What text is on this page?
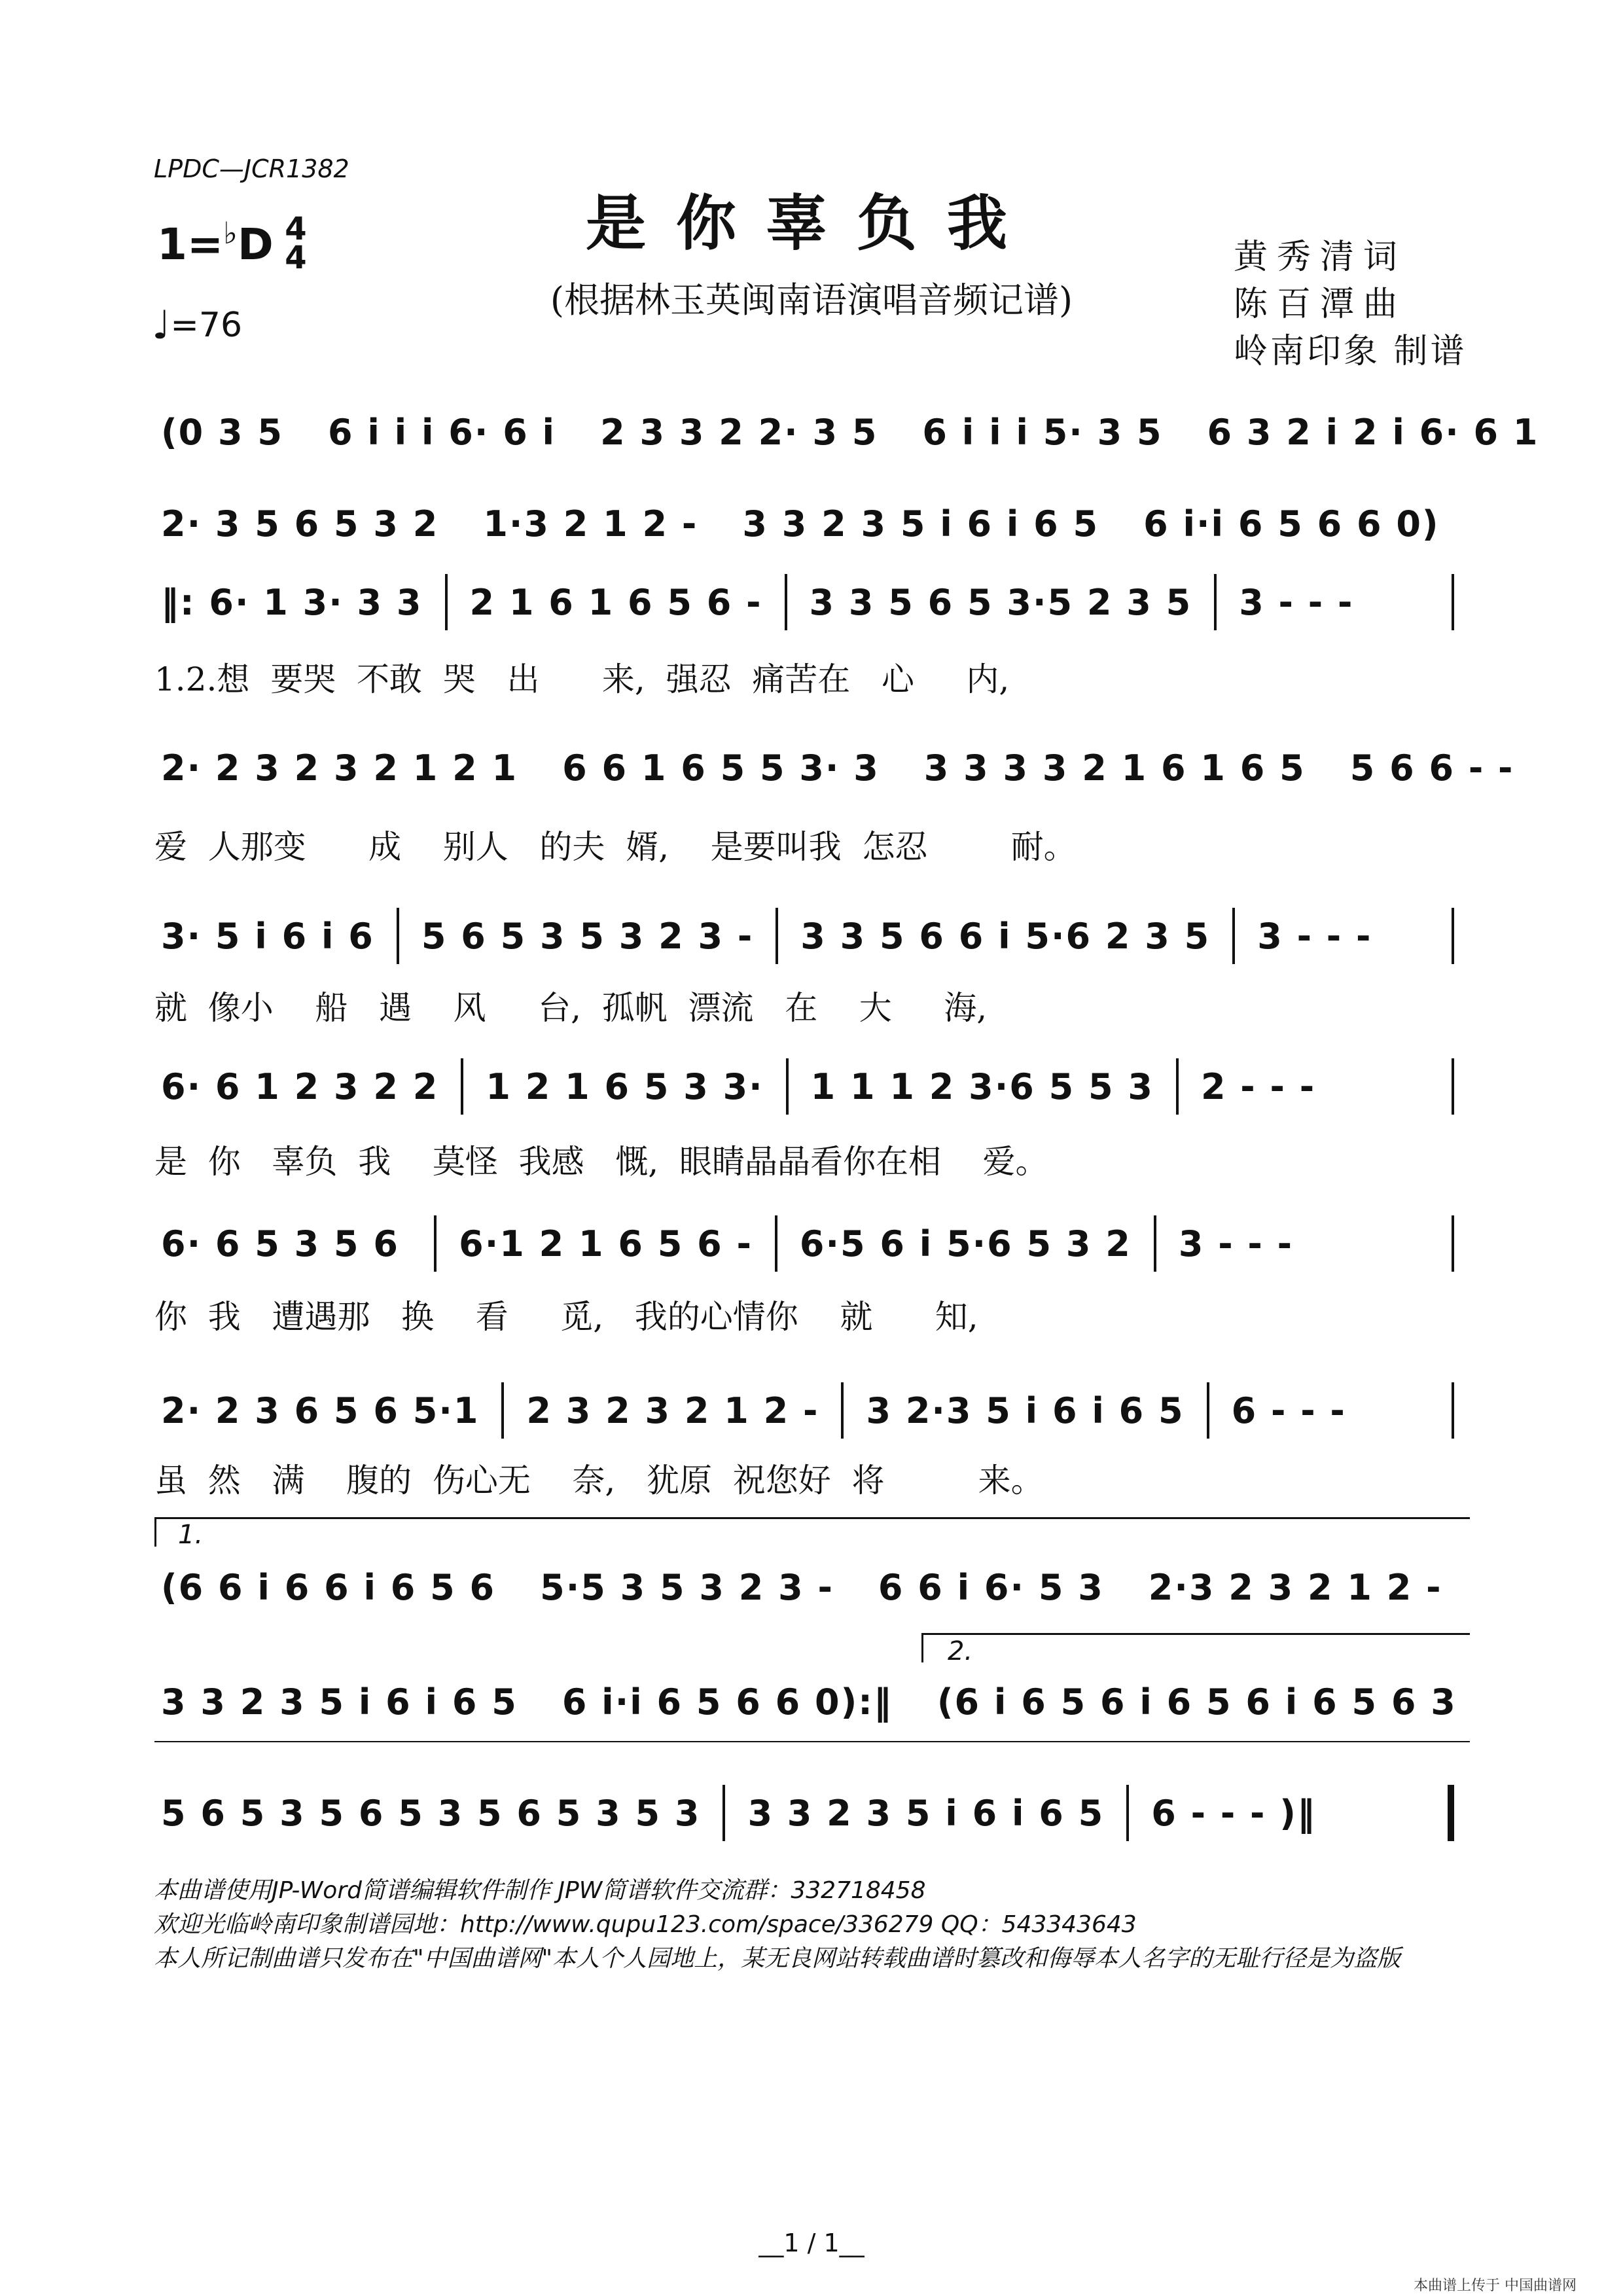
LPDC—JCR1382
是你辜负我
(根据林玉英闽南语演唱音频记谱)
1=♭D 4
4
♩ =76
黄秀清词
陈百潭曲
岭南印象 制谱
(0 3 5 6 i i i 6· 6 i 2 3 3 2 2· 3 5 6 i i i 5· 3 5 6 3 2 i 2 i 6· 6 1
2· 3 5 6 5 3 2 1·3 2 1 2 - 3 3 2 3 5 i 6 i 6 5 6 i·i 6 5 6 6 0)
‖: 6· 1 3· 3 3 2 1 6 1 6 5 6 - 3 3 5 6 5 3·5 2 3 5 3 - - -
1.2.想  要哭  不敢  哭   出      来,  强忍  痛苦在   心     内,
2· 2 3 2 3 2 1 2 1 6 6 1 6 5 5 3· 3 3 3 3 3 2 1 6 1 6 5 5 6 6 - -
爱  人那变      成    别人   的夫  婿,    是要叫我  怎忍        耐。
3· 5 i 6 i 6 5 6 5 3 5 3 2 3 - 3 3 5 6 6 i 5·6 2 3 5 3 - - -
就  像小    船   遇    风     台,  孤帆  漂流   在    大     海,
6· 6 1 2 3 2 2 1 2 1 6 5 3 3· 1 1 1 2 3·6 5 5 3 2 - - -
是  你   辜负  我    莫怪  我感   慨,  眼睛晶晶看你在相    爱。
6· 6 5 3 5 6	6·1 2 1 6 5 6 - 6·5 6 i 5·6 5 3 2 3 - - -
你  我   遭遇那   换    看     觅,   我的心情你    就      知,
2· 2 3 6 5 6 5·1 2 3 2 3 2 1 2 - 3 2·3 5 i 6 i 6 5 6 - - -
虽  然   满    腹的  伤心无    奈,   犹原  祝您好  将         来。
1.
(6 6 i 6 6 i 6 5 6 5·5 3 5 3 2 3 - 6 6 i 6· 5 3 2·3 2 3 2 1 2 -
2.
3 3 2 3 5 i 6 i 6 5 6 i·i 6 5 6 6 0):‖ (6 i 6 5 6 i 6 5 6 i 6 5 6 3
5 6 5 3 5 6 5 3 5 6 5 3 5 3 3 3 2 3 5 i 6 i 6 5 6 - - - )‖
本曲谱使用JP-Word简谱编辑软件制作 JPW简谱软件交流群：332718458
欢迎光临岭南印象制谱园地：http://www.qupu123.com/space/336279 QQ：543343643
本人所记制曲谱只发布在"中国曲谱网"本人个人园地上，某无良网站转载曲谱时篡改和侮辱本人名字的无耻行径是为盗版
__1 / 1__
本曲谱上传于 中国曲谱网
